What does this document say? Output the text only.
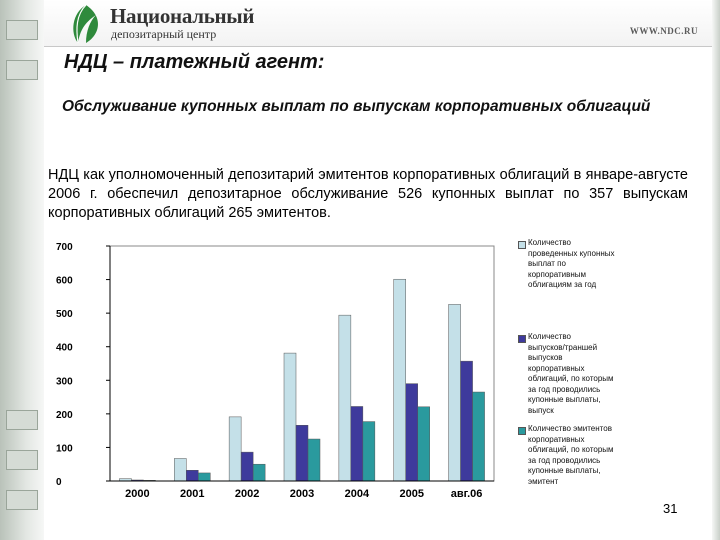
Национальный
депозитарный центр	WWW.NDC.RU
НДЦ – платежный агент:
Обслуживание купонных выплат по выпускам корпоративных облигаций
НДЦ как уполномоченный депозитарий эмитентов корпоративных облигаций в январе-августе 2006 г. обеспечил депозитарное обслуживание 526 купонных выплат по 357 выпускам корпоративных облигаций 265 эмитентов.
0
100
200
300
400
500
600
700
2000	2001	2002	2003	2004	2005 авг.06
Количество
проведенных купонных
выплат по
корпоративным
облигациям за год
Количество
выпусков/траншей
выпусков
корпоративных
облигаций, по которым
за год проводились
купонные выплаты,
выпуск
Количество эмитентов
корпоративных
облигаций, по которым
за год проводились
купонные выплаты,
эмитент
31
